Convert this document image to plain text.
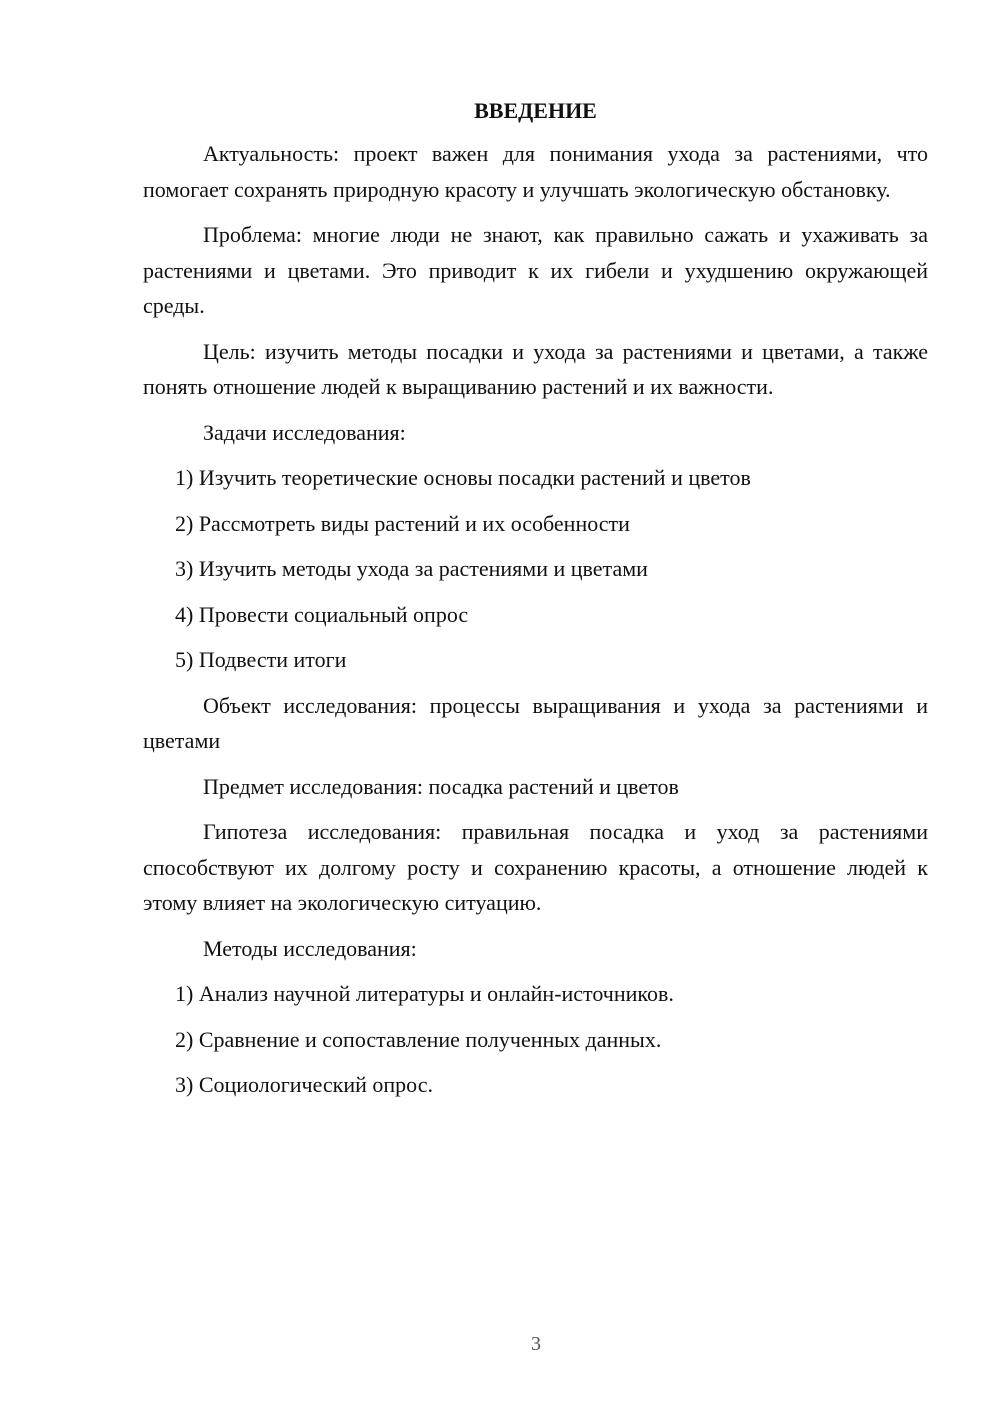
ВВЕДЕНИЕ

Актуальность: проект важен для понимания ухода за растениями, что помогает сохранять природную красоту и улучшать экологическую обстановку.

Проблема: многие люди не знают, как правильно сажать и ухаживать за растениями и цветами. Это приводит к их гибели и ухудшению окружающей среды.

Цель: изучить методы посадки и ухода за растениями и цветами, а также понять отношение людей к выращиванию растений и их важности.

Задачи исследования:

1) Изучить теоретические основы посадки растений и цветов
2) Рассмотреть виды растений и их особенности
3) Изучить методы ухода за растениями и цветами
4) Провести социальный опрос
5) Подвести итоги

Объект исследования: процессы выращивания и ухода за растениями и цветами

Предмет исследования: посадка растений и цветов

Гипотеза исследования: правильная посадка и уход за растениями способствуют их долгому росту и сохранению красоты, а отношение людей к этому влияет на экологическую ситуацию.

Методы исследования:

1) Анализ научной литературы и онлайн-источников.
2) Сравнение и сопоставление полученных данных.
3) Социологический опрос.
3
